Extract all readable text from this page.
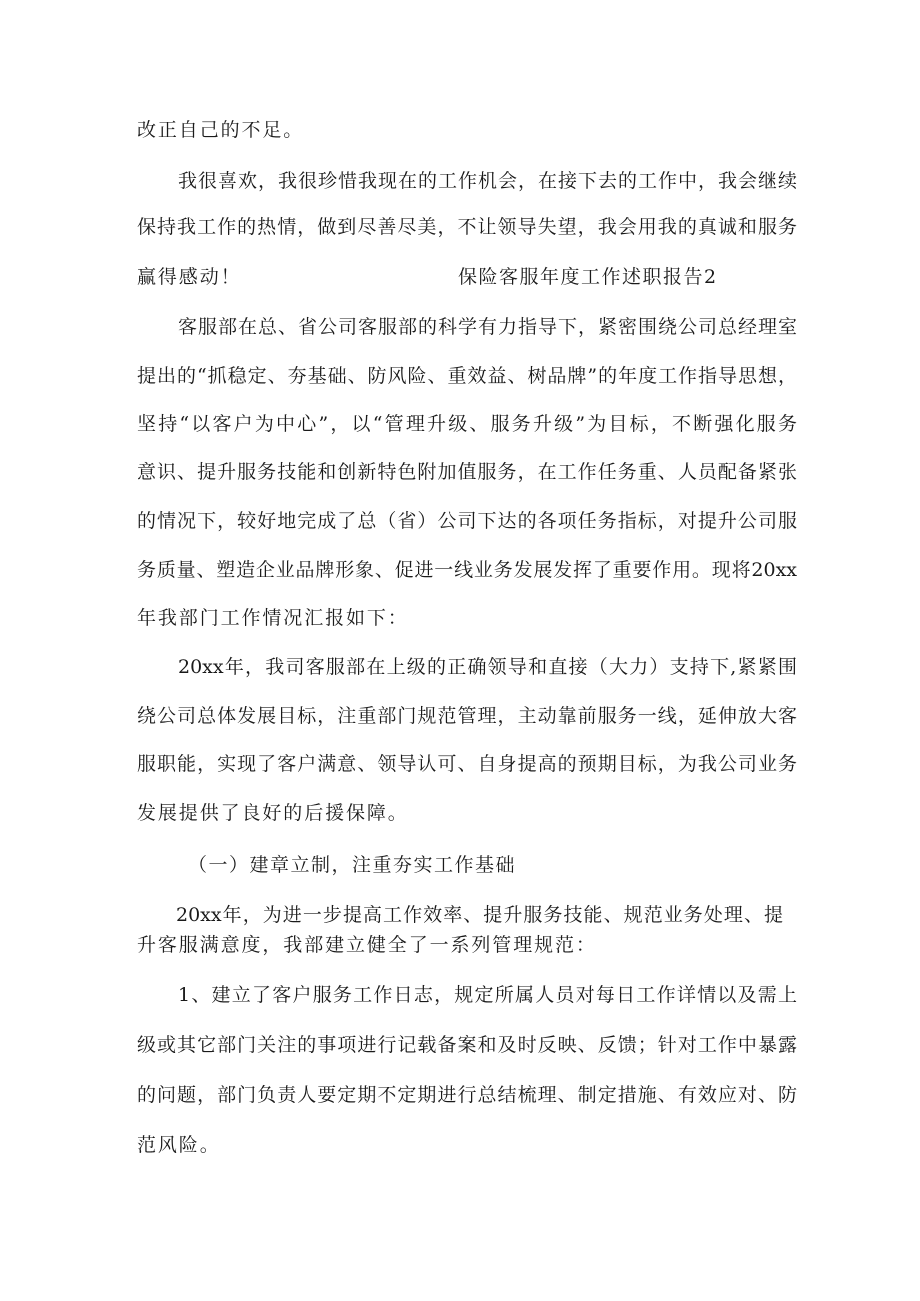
改正自己的不足。
我很喜欢，我很珍惜我现在的工作机会，在接下去的工作中，我会继续
保持我工作的热情，做到尽善尽美，不让领导失望，我会用我的真诚和服务
赢得感动！	保险客服年度工作述职报告2
客服部在总、省公司客服部的科学有力指导下，紧密围绕公司总经理室
提出的“抓稳定、夯基础、防风险、重效益、树品牌”的年度工作指导思想，
坚持“以客户为中心”，以“管理升级、服务升级”为目标，不断强化服务
意识、提升服务技能和创新特色附加值服务，在工作任务重、人员配备紧张
的情况下，较好地完成了总（省）公司下达的各项任务指标，对提升公司服
务质量、塑造企业品牌形象、促进一线业务发展发挥了重要作用。现将20xx
年我部门工作情况汇报如下：
20xx年，我司客服部在上级的正确领导和直接（大力）支持下,紧紧围
绕公司总体发展目标，注重部门规范管理，主动靠前服务一线，延伸放大客
服职能，实现了客户满意、领导认可、自身提高的预期目标，为我公司业务
发展提供了良好的后援保障。
（一）建章立制，注重夯实工作基础
20xx年，为进一步提高工作效率、提升服务技能、规范业务处理、提
升客服满意度，我部建立健全了一系列管理规范：
1、建立了客户服务工作日志，规定所属人员对每日工作详情以及需上
级或其它部门关注的事项进行记载备案和及时反映、反馈；针对工作中暴露
的问题，部门负责人要定期不定期进行总结梳理、制定措施、有效应对、防
范风险。
